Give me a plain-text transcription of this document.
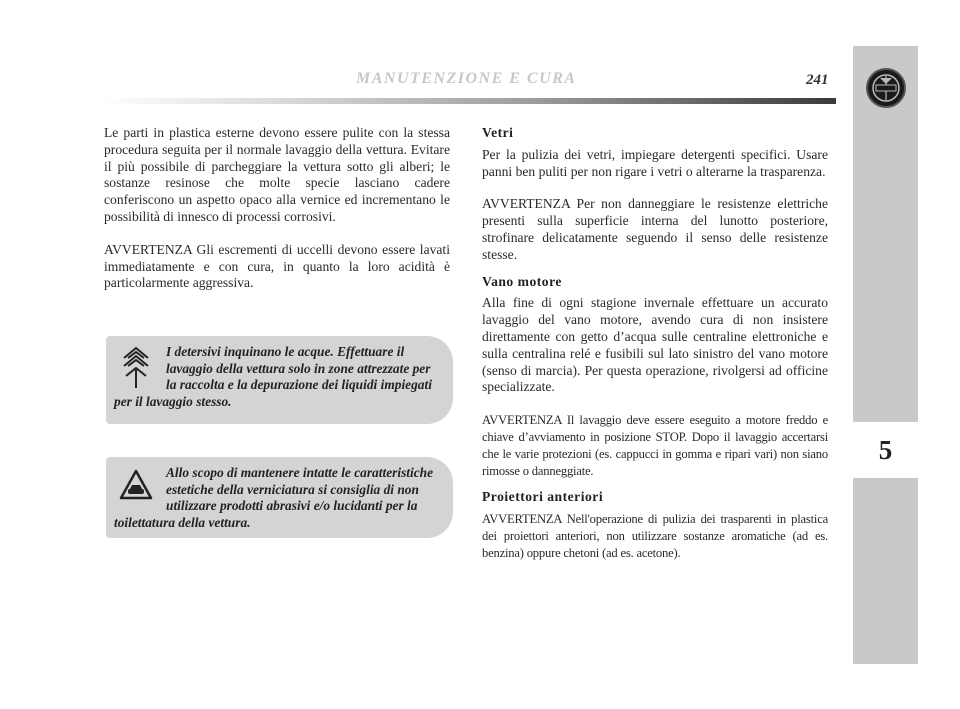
MANUTENZIONE E CURA	241
5

Le parti in plastica esterne devono essere pulite con la stessa procedura seguita per il normale lavaggio della vettura. Evitare il più possibile di parcheggiare la vettura sotto gli alberi; le sostanze resinose che molte specie lasciano cadere conferiscono un aspetto opaco alla vernice ed incrementano le possibilità di innesco di processi corrosivi.

AVVERTENZA Gli escrementi di uccelli devono essere lavati immediatamente e con cura, in quanto la loro acidità è particolarmente aggressiva.

I detersivi inquinano le acque. Effettuare il lavaggio della vettura solo in zone attrezzate per la raccolta e la depurazione dei liquidi impiegati per il lavaggio stesso.
Allo scopo di mantenere intatte le caratteristiche estetiche della verniciatura si consiglia di non utilizzare prodotti abrasivi e/o lucidanti per la toilettatura della vettura.
Vetri

Per la pulizia dei vetri, impiegare detergenti specifici. Usare panni ben puliti per non rigare i vetri o alterarne la trasparenza.

AVVERTENZA Per non danneggiare le resistenze elettriche presenti sulla superficie interna del lunotto posteriore, strofinare delicatamente seguendo il senso delle resistenze stesse.

Vano motore

Alla fine di ogni stagione invernale effettuare un accurato lavaggio del vano motore, avendo cura di non insistere direttamente con getto d’acqua sulle centraline elettroniche e sulla centralina relé e fusibili sul lato sinistro del vano motore (senso di marcia). Per questa operazione, rivolgersi ad officine specializzate.

AVVERTENZA Il lavaggio deve essere eseguito a motore freddo e chiave d’avviamento in posizione STOP. Dopo il lavaggio accertarsi che le varie protezioni (es. cappucci in gomma e ripari vari) non siano rimosse o danneggiate.

Proiettori anteriori

AVVERTENZA Nell'operazione di pulizia dei trasparenti in plastica dei proiettori anteriori, non utilizzare sostanze aromatiche (ad es. benzina) oppure chetoni (ad es. acetone).
